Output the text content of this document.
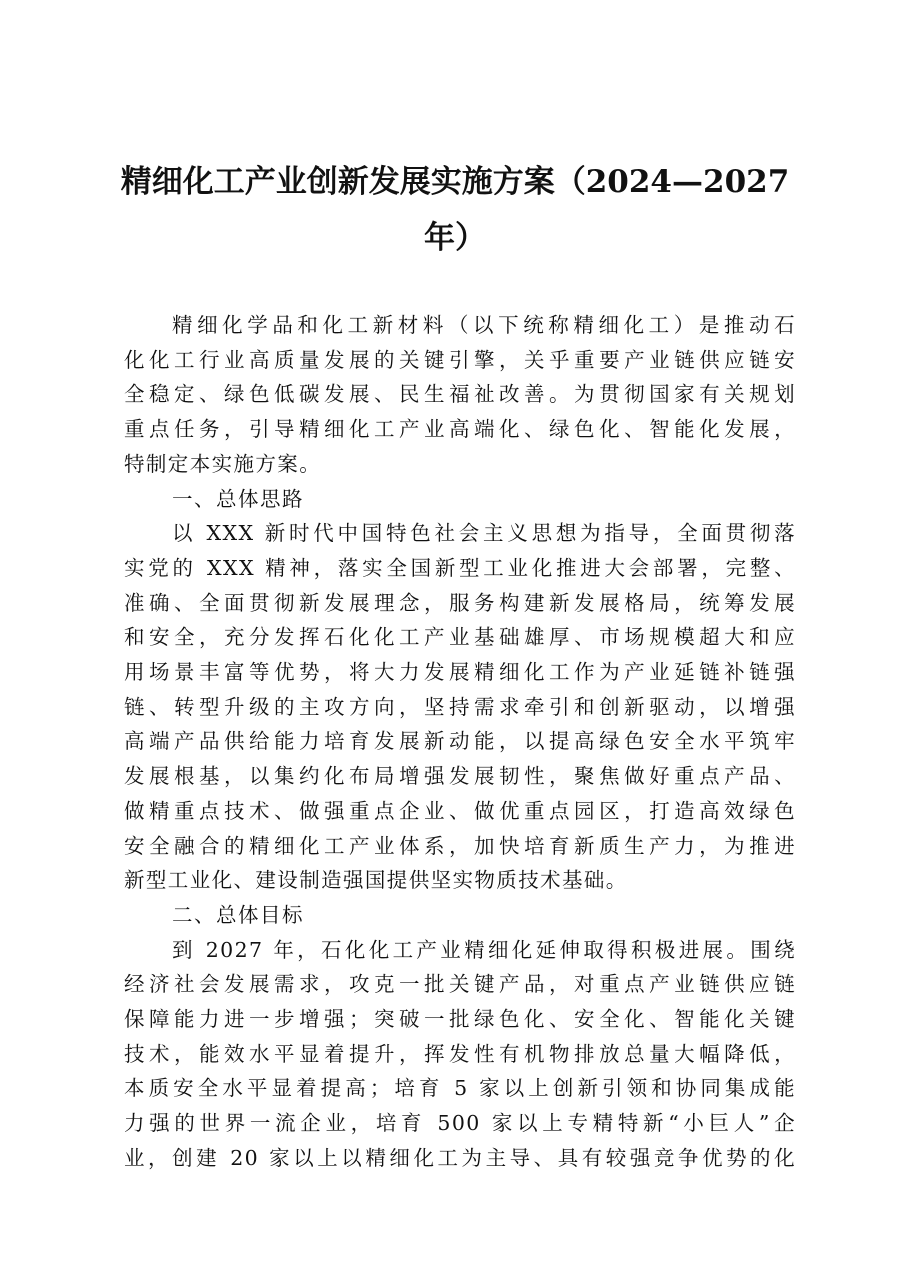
精细化工产业创新发展实施方案（2024—2027
年）

精细化学品和化工新材料（以下统称精细化工）是推动石
化化工行业高质量发展的关键引擎，关乎重要产业链供应链安
全稳定、绿色低碳发展、民生福祉改善。为贯彻国家有关规划
重点任务，引导精细化工产业高端化、绿色化、智能化发展，
特制定本实施方案。

一、总体思路

以 XXX 新时代中国特色社会主义思想为指导，全面贯彻落
实党的 XXX 精神，落实全国新型工业化推进大会部署，完整、
准确、全面贯彻新发展理念，服务构建新发展格局，统筹发展
和安全，充分发挥石化化工产业基础雄厚、市场规模超大和应
用场景丰富等优势，将大力发展精细化工作为产业延链补链强
链、转型升级的主攻方向，坚持需求牵引和创新驱动，以增强
高端产品供给能力培育发展新动能，以提高绿色安全水平筑牢
发展根基，以集约化布局增强发展韧性，聚焦做好重点产品、
做精重点技术、做强重点企业、做优重点园区，打造高效绿色
安全融合的精细化工产业体系，加快培育新质生产力，为推进
新型工业化、建设制造强国提供坚实物质技术基础。

二、总体目标

到 2027 年，石化化工产业精细化延伸取得积极进展。围绕
经济社会发展需求，攻克一批关键产品，对重点产业链供应链
保障能力进一步增强；突破一批绿色化、安全化、智能化关键
技术，能效水平显着提升，挥发性有机物排放总量大幅降低，
本质安全水平显着提高；培育 5 家以上创新引领和协同集成能
力强的世界一流企业，培育 500 家以上专精特新“小巨人”企
业，创建 20 家以上以精细化工为主导、具有较强竞争优势的化
